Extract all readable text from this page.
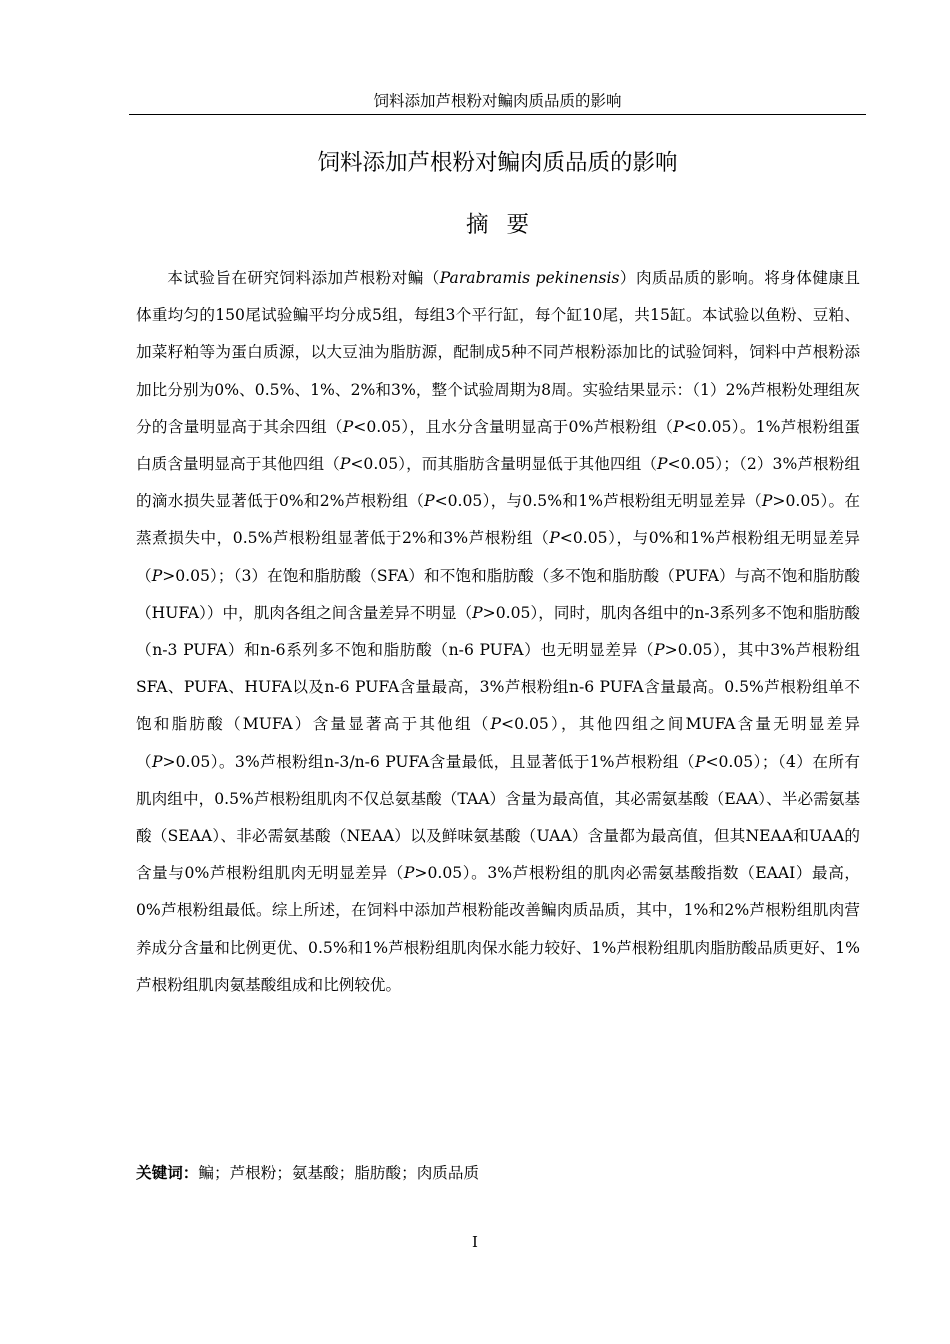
饲料添加芦根粉对鳊肉质品质的影响
饲料添加芦根粉对鳊肉质品质的影响
摘要

本试验旨在研究饲料添加芦根粉对鳊（Parabramis pekinensis）肉质品质的影响。将身体健康且体重均匀的150尾试验鳊平均分成5组，每组3个平行缸，每个缸10尾，共15缸。本试验以鱼粉、豆粕、加菜籽粕等为蛋白质源，以大豆油为脂肪源，配制成5种不同芦根粉添加比的试验饲料，饲料中芦根粉添加比分别为0%、0.5%、1%、2%和3%，整个试验周期为8周。实验结果显示：（1）2%芦根粉处理组灰分的含量明显高于其余四组（P<0.05），且水分含量明显高于0%芦根粉组（P<0.05）。1%芦根粉组蛋白质含量明显高于其他四组（P<0.05），而其脂肪含量明显低于其他四组（P<0.05）；（2）3%芦根粉组的滴水损失显著低于0%和2%芦根粉组（P<0.05），与0.5%和1%芦根粉组无明显差异（P>0.05）。在蒸煮损失中，0.5%芦根粉组显著低于2%和3%芦根粉组（P<0.05），与0%和1%芦根粉组无明显差异（P>0.05）；（3）在饱和脂肪酸（SFA）和不饱和脂肪酸（多不饱和脂肪酸（PUFA）与高不饱和脂肪酸（HUFA））中，肌肉各组之间含量差异不明显（P>0.05），同时，肌肉各组中的n-3系列多不饱和脂肪酸（n-3 PUFA）和n-6系列多不饱和脂肪酸（n-6 PUFA）也无明显差异（P>0.05），其中3%芦根粉组SFA、PUFA、HUFA以及n-6 PUFA含量最高，3%芦根粉组n-6 PUFA含量最高。0.5%芦根粉组单不饱和脂肪酸（MUFA）含量显著高于其他组（P<0.05），其他四组之间MUFA含量无明显差异（P>0.05）。3%芦根粉组n-3/n-6 PUFA含量最低，且显著低于1%芦根粉组（P<0.05）；（4）在所有肌肉组中，0.5%芦根粉组肌肉不仅总氨基酸（TAA）含量为最高值，其必需氨基酸（EAA）、半必需氨基酸（SEAA）、非必需氨基酸（NEAA）以及鲜味氨基酸（UAA）含量都为最高值，但其NEAA和UAA的含量与0%芦根粉组肌肉无明显差异（P>0.05）。3%芦根粉组的肌肉必需氨基酸指数（EAAI）最高，0%芦根粉组最低。综上所述，在饲料中添加芦根粉能改善鳊肉质品质，其中，1%和2%芦根粉组肌肉营养成分含量和比例更优、0.5%和1%芦根粉组肌肉保水能力较好、1%芦根粉组肌肉脂肪酸品质更好、1%芦根粉组肌肉氨基酸组成和比例较优。

关键词：鳊；芦根粉；氨基酸；脂肪酸；肉质品质
I
